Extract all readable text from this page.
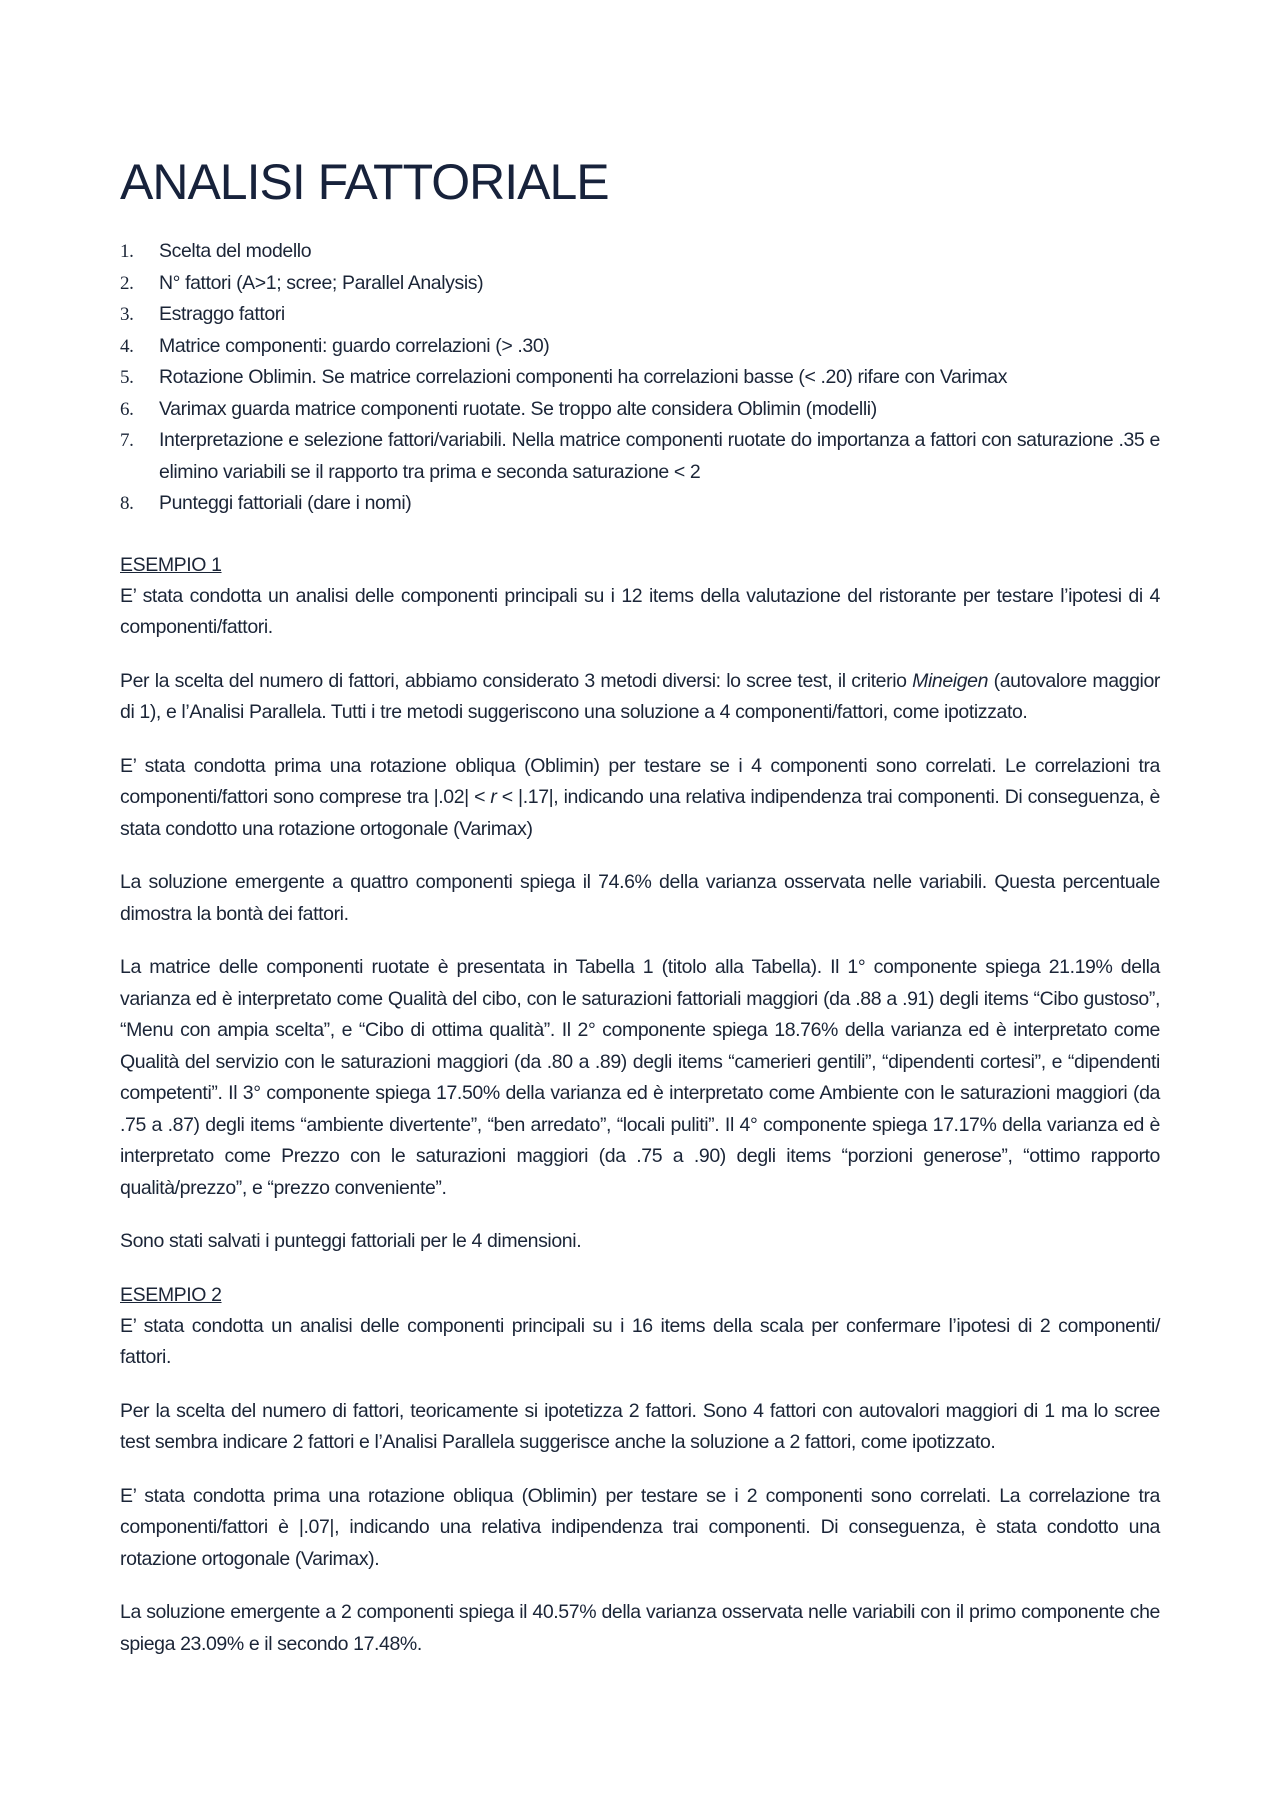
ANALISI FATTORIALE
1. Scelta del modello
2. N° fattori (A>1; scree; Parallel Analysis)
3. Estraggo fattori
4. Matrice componenti: guardo correlazioni (> .30)
5. Rotazione Oblimin. Se matrice correlazioni componenti ha correlazioni basse (< .20) rifare con Varimax
6. Varimax guarda matrice componenti ruotate. Se troppo alte considera Oblimin (modelli)
7. Interpretazione e selezione fattori/variabili. Nella matrice componenti ruotate do importanza a fattori con saturazione .35 e elimino variabili se il rapporto tra prima e seconda saturazione < 2
8. Punteggi fattoriali (dare i nomi)
ESEMPIO 1

E’ stata condotta un analisi delle componenti principali su i 12 items della valutazione del ristorante per testare l’ipotesi di 4 componenti/fattori.

Per la scelta del numero di fattori, abbiamo considerato 3 metodi diversi: lo scree test, il criterio Mineigen (autovalore maggior di 1), e l’Analisi Parallela. Tutti i tre metodi suggeriscono una soluzione a 4 componenti/fattori, come ipotizzato.

E’ stata condotta prima una rotazione obliqua (Oblimin) per testare se i 4 componenti sono correlati. Le correlazioni tra componenti/fattori sono comprese tra |.02| < r < |.17|, indicando una relativa indipendenza trai componenti. Di conseguenza, è stata condotto una rotazione ortogonale (Varimax)

La soluzione emergente a quattro componenti spiega il 74.6% della varianza osservata nelle variabili. Questa percentuale dimostra la bontà dei fattori.

La matrice delle componenti ruotate è presentata in Tabella 1 (titolo alla Tabella). Il 1° componente spiega 21.19% della varianza ed è interpretato come Qualità del cibo, con le saturazioni fattoriali maggiori (da .88 a .91) degli items “Cibo gustoso”, “Menu con ampia scelta”, e “Cibo di ottima qualità”. Il 2° componente spiega 18.76% della varianza ed è interpretato come Qualità del servizio con le saturazioni maggiori (da .80 a .89) degli items “camerieri gentili”, “dipendenti cortesi”, e “dipendenti competenti”. Il 3° componente spiega 17.50% della varianza ed è interpretato come Ambiente con le saturazioni maggiori (da .75 a .87) degli items “ambiente divertente”, “ben arredato”, “locali puliti”. Il 4° componente spiega 17.17% della varianza ed è interpretato come Prezzo con le saturazioni maggiori (da .75 a .90) degli items “porzioni generose”, “ottimo rapporto qualità/prezzo”, e “prezzo conveniente”.

Sono stati salvati i punteggi fattoriali per le 4 dimensioni.

ESEMPIO 2

E’ stata condotta un analisi delle componenti principali su i 16 items della scala per confermare l’ipotesi di 2 componenti/ fattori.

Per la scelta del numero di fattori, teoricamente si ipotetizza 2 fattori. Sono 4 fattori con autovalori maggiori di 1 ma lo scree test sembra indicare 2 fattori e l’Analisi Parallela suggerisce anche la soluzione a 2 fattori, come ipotizzato.

E’ stata condotta prima una rotazione obliqua (Oblimin) per testare se i 2 componenti sono correlati. La correlazione tra componenti/fattori è |.07|, indicando una relativa indipendenza trai componenti. Di conseguenza, è stata condotto una rotazione ortogonale (Varimax).

La soluzione emergente a 2 componenti spiega il 40.57% della varianza osservata nelle variabili con il primo componente che spiega 23.09% e il secondo 17.48%.
